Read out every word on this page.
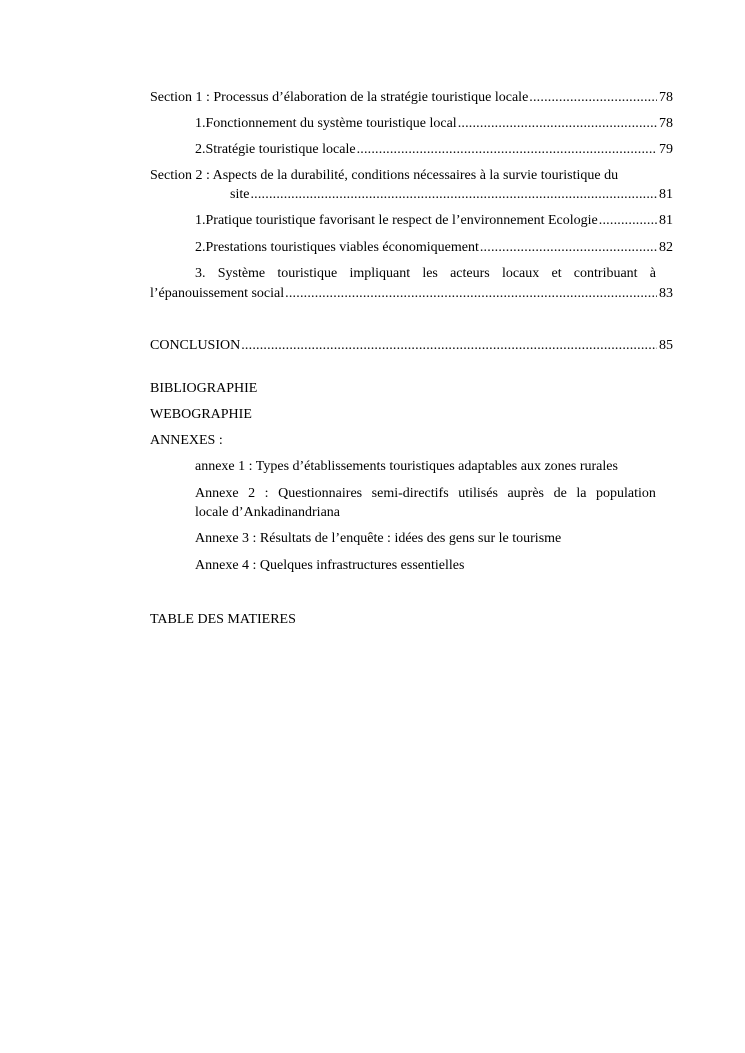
Section 1 : Processus d’élaboration de la stratégie touristique locale .....	78
1. Fonctionnement du système touristique local .....	78
2. Stratégie touristique locale .....	79
Section 2 : Aspects de la durabilité, conditions nécessaires à la survie touristique du
site .....	81
1. Pratique touristique favorisant le respect de l’environnement Ecologie .....	81
2. Prestations touristiques viables économiquement .....	82
3. Système touristique impliquant les acteurs locaux et contribuant à
l’épanouissement social .....	83
CONCLUSION .....	85
BIBLIOGRAPHIE
WEBOGRAPHIE
ANNEXES :
annexe 1 : Types d’établissements touristiques adaptables aux zones rurales
Annexe 2 : Questionnaires semi-directifs utilisés auprès de la population
locale d’Ankadinandriana
Annexe 3 : Résultats de l’enquête : idées des gens sur le tourisme
Annexe 4 : Quelques infrastructures essentielles
TABLE DES MATIERES
